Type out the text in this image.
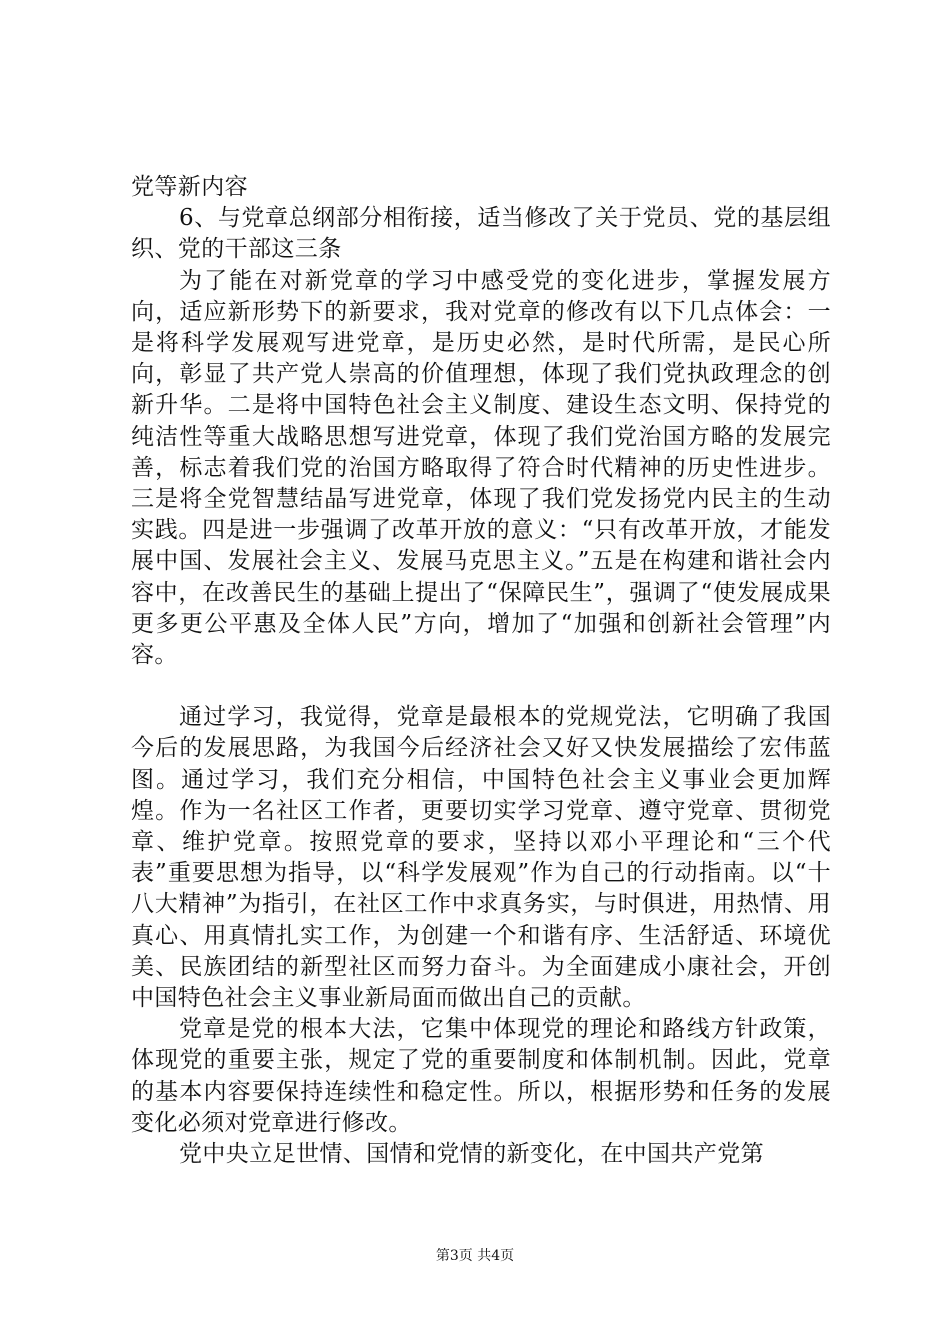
党等新内容

6、与党章总纲部分相衔接，适当修改了关于党员、党的基层组织、党的干部这三条

为了能在对新党章的学习中感受党的变化进步，掌握发展方向，适应新形势下的新要求，我对党章的修改有以下几点体会：一是将科学发展观写进党章，是历史必然，是时代所需，是民心所向，彰显了共产党人崇高的价值理想，体现了我们党执政理念的创新升华。二是将中国特色社会主义制度、建设生态文明、保持党的纯洁性等重大战略思想写进党章，体现了我们党治国方略的发展完善，标志着我们党的治国方略取得了符合时代精神的历史性进步。三是将全党智慧结晶写进党章，体现了我们党发扬党内民主的生动实践。四是进一步强调了改革开放的意义：“只有改革开放，才能发展中国、发展社会主义、发展马克思主义。”五是在构建和谐社会内容中，在改善民生的基础上提出了“保障民生”，强调了“使发展成果更多更公平惠及全体人民”方向，增加了“加强和创新社会管理”内容。

通过学习，我觉得，党章是最根本的党规党法，它明确了我国今后的发展思路，为我国今后经济社会又好又快发展描绘了宏伟蓝图。通过学习，我们充分相信，中国特色社会主义事业会更加辉煌。作为一名社区工作者，更要切实学习党章、遵守党章、贯彻党章、维护党章。按照党章的要求，坚持以邓小平理论和“三个代表”重要思想为指导，以“科学发展观”作为自己的行动指南。以“十八大精神”为指引，在社区工作中求真务实，与时俱进，用热情、用真心、用真情扎实工作，为创建一个和谐有序、生活舒适、环境优美、民族团结的新型社区而努力奋斗。为全面建成小康社会，开创中国特色社会主义事业新局面而做出自己的贡献。

党章是党的根本大法，它集中体现党的理论和路线方针政策，体现党的重要主张，规定了党的重要制度和体制机制。因此，党章的基本内容要保持连续性和稳定性。所以，根据形势和任务的发展变化必须对党章进行修改。

党中央立足世情、国情和党情的新变化，在中国共产党第

第3页 共4页
